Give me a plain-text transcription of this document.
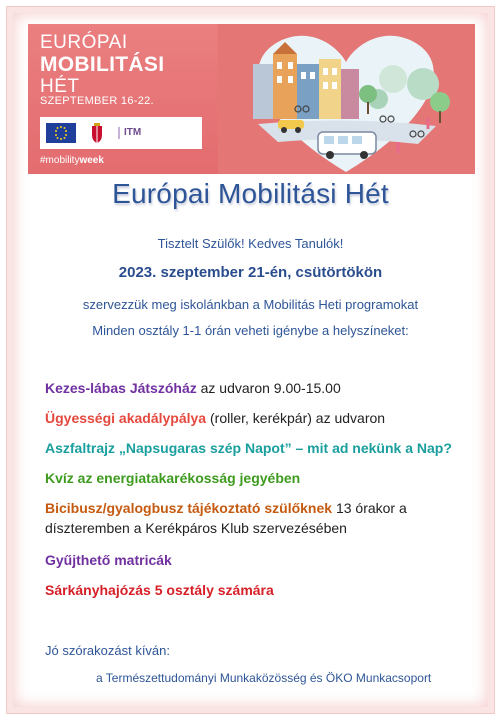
EURÓPAI
MOBILITÁSI
HÉT
SZEPTEMBER 16-22.
ITM
#mobilityweek
Európai Mobilitási Hét
Tisztelt Szülők! Kedves Tanulók!
2023. szeptember 21-én, csütörtökön
szervezzük meg iskolánkban a Mobilitás Heti programokat
Minden osztály 1-1 órán veheti igénybe a helyszíneket:
Kezes-lábas Játszóház az udvaron 9.00-15.00
Ügyességi akadálypálya (roller, kerékpár) az udvaron
Aszfaltrajz „Napsugaras szép Napot” – mit ad nekünk a Nap?
Kvíz az energiatakarékosság jegyében
Bicibusz/gyalogbusz tájékoztató szülőknek 13 órakor a
díszteremben a Kerékpáros Klub szervezésében
Gyűjthető matricák
Sárkányhajózás 5 osztály számára
Jó szórakozást kíván:
a Természettudományi Munkaközösség és ÖKO Munkacsoport
